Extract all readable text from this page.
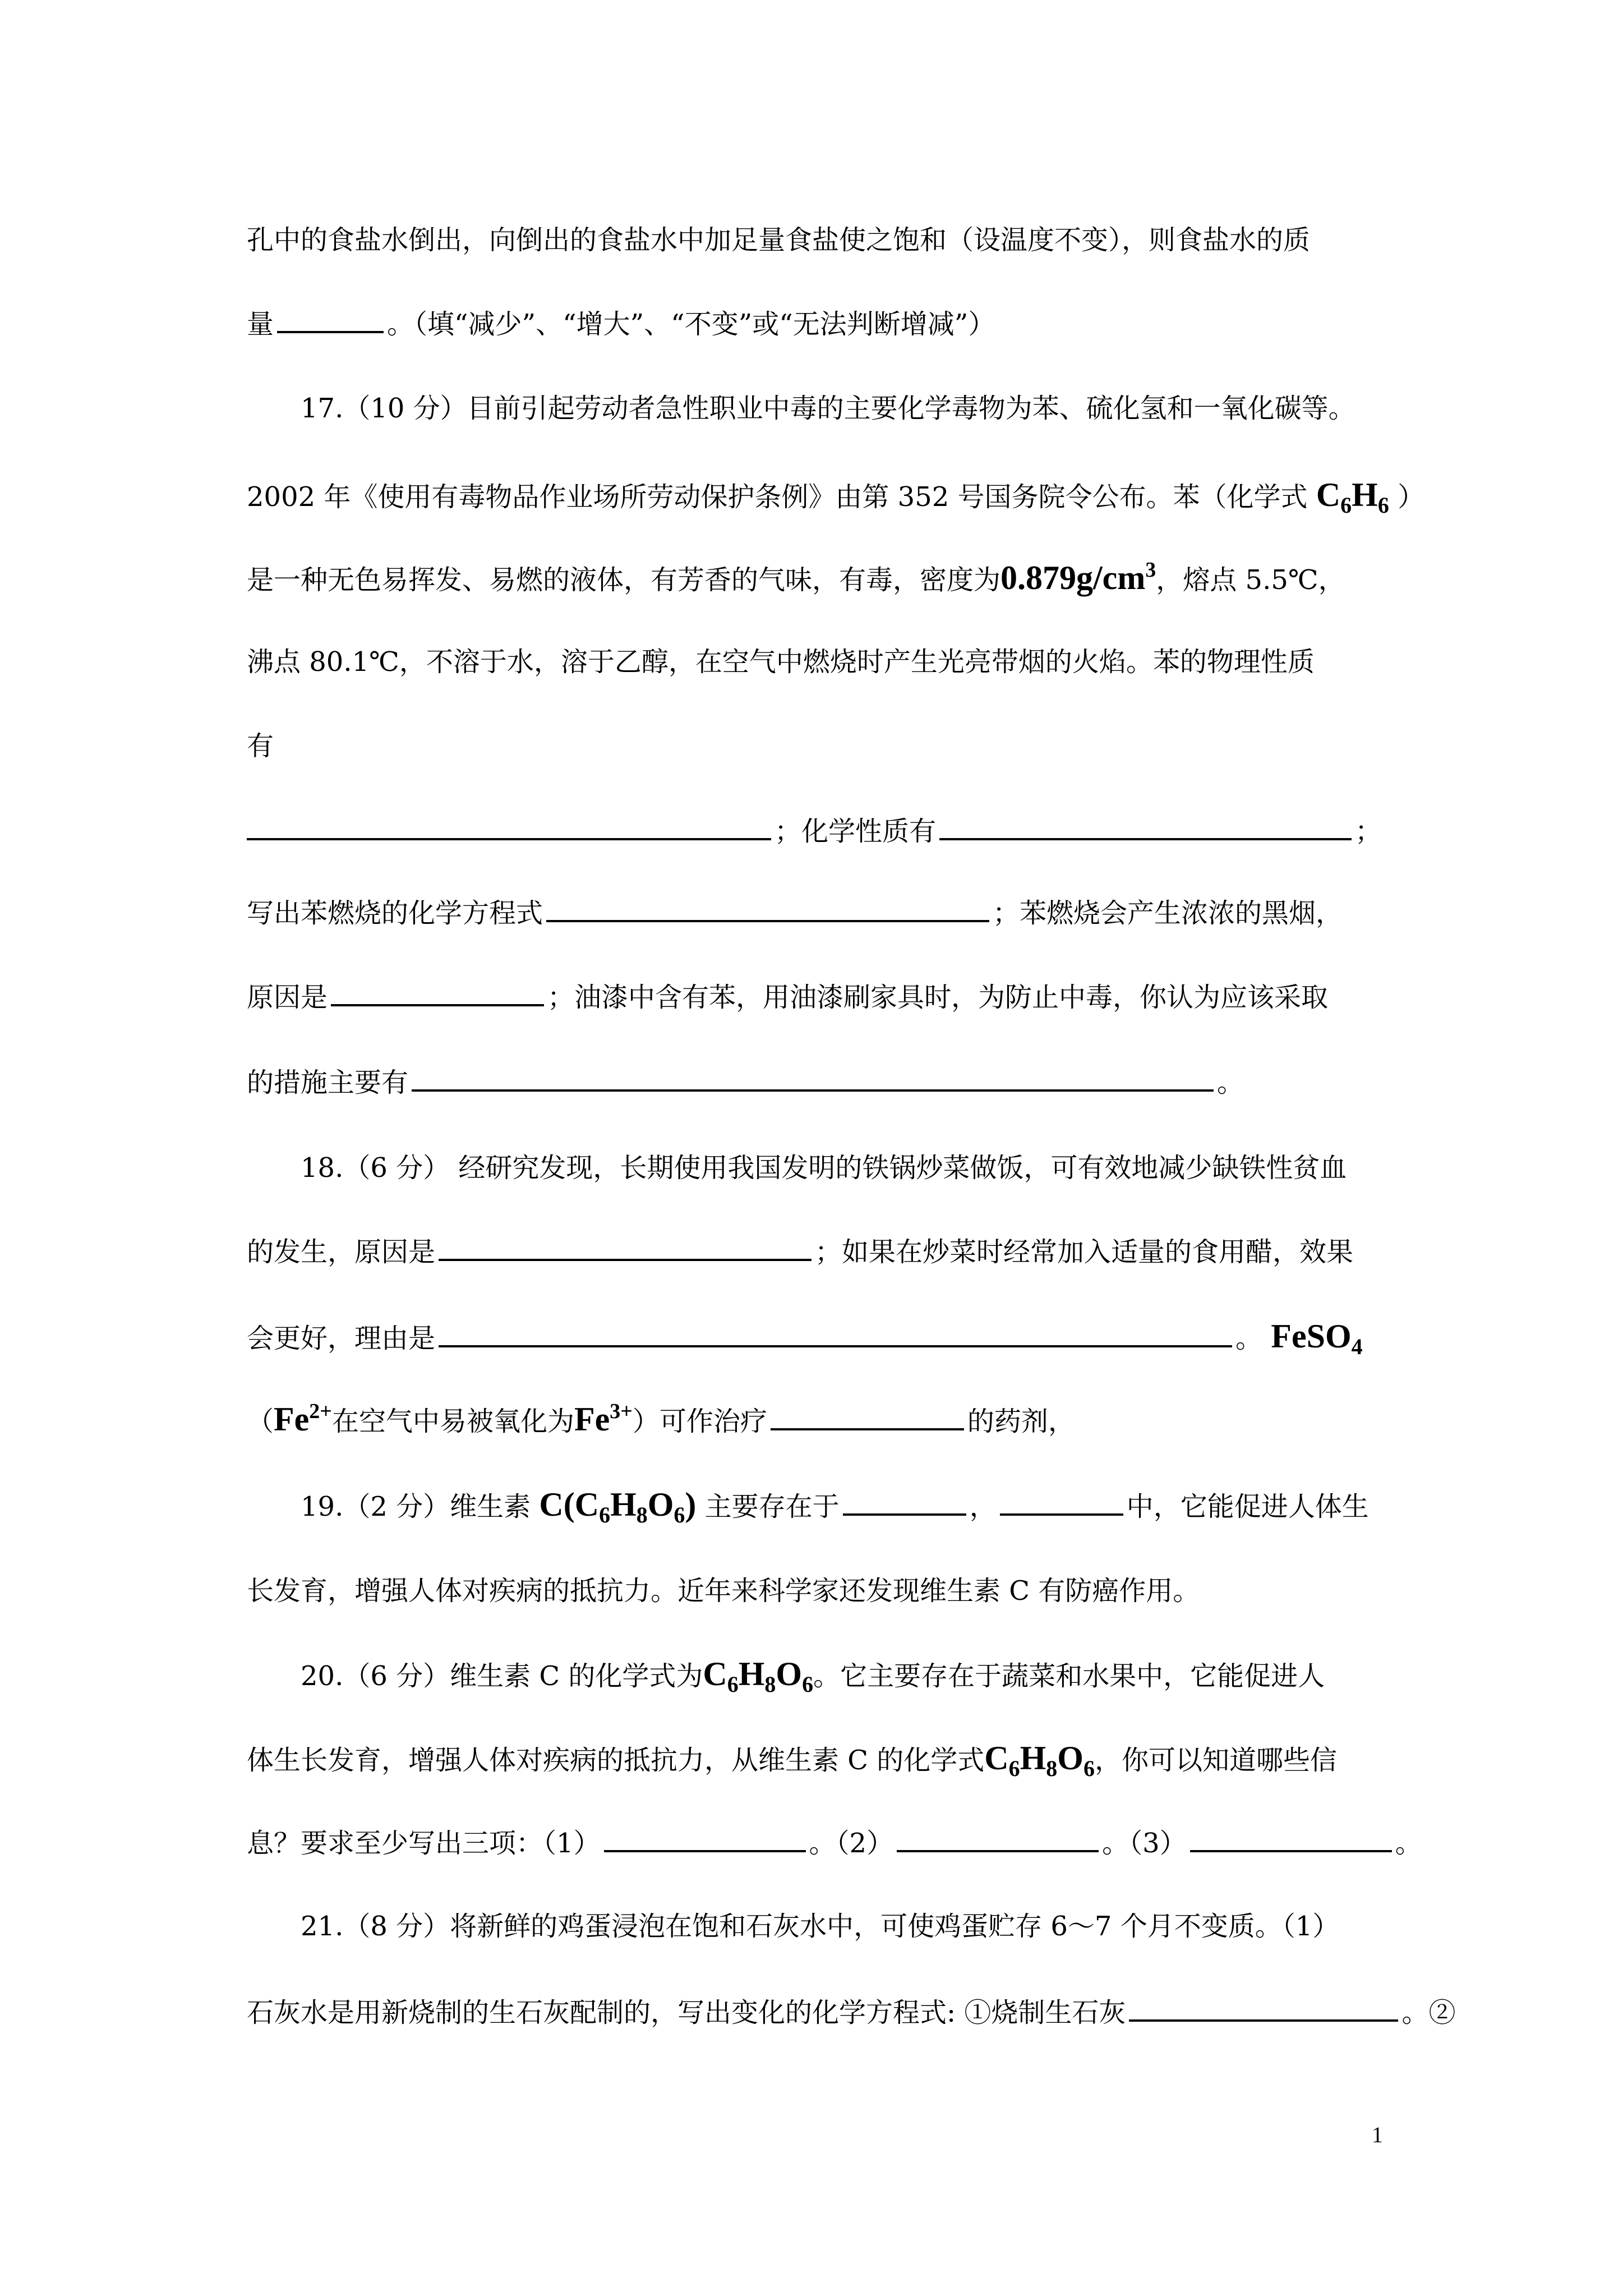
孔中的食盐水倒出，向倒出的食盐水中加足量食盐使之饱和（设温度不变），则食盐水的质
量	。（填“减少”、“增大”、“不变”或“无法判断增减”）
17.（10 分）目前引起劳动者急性职业中毒的主要化学毒物为苯、硫化氢和一氧化碳等。
2002 年《使用有毒物品作业场所劳动保护条例》由第 352 号国务院令公布。苯（化学式 $C_6H_6$ ）
是一种无色易挥发、易燃的液体，有芳香的气味，有毒，密度为$0.879g/cm^3$，熔点 5.5℃，
沸点 80.1℃，不溶于水，溶于乙醇，在空气中燃烧时产生光亮带烟的火焰。苯的物理性质
有
；化学性质有	；
写出苯燃烧的化学方程式	；苯燃烧会产生浓浓的黑烟，
原因是	；油漆中含有苯，用油漆刷家具时，为防止中毒，你认为应该采取
的措施主要有	。
18.（6 分） 经研究发现，长期使用我国发明的铁锅炒菜做饭，可有效地减少缺铁性贫血
的发生，原因是	；如果在炒菜时经常加入适量的食用醋，效果
会更好，理由是	。 FeSO$_4$
（$Fe^{2+}$在空气中易被氧化为$Fe^{3+}$）可作治疗	的药剂，
19.（2 分）维生素 $C(C_6H_8O_6)$ 主要存在于	，	中，它能促进人体生
长发育，增强人体对疾病的抵抗力。近年来科学家还发现维生素 C 有防癌作用。
20.（6 分）维生素 C 的化学式为$C_6H_8O_6$。它主要存在于蔬菜和水果中，它能促进人
体生长发育，增强人体对疾病的抵抗力，从维生素 C 的化学式$C_6H_8O_6$，你可以知道哪些信
息？要求至少写出三项：（1）	。（2）	。（3）	。
21.（8 分）将新鲜的鸡蛋浸泡在饱和石灰水中，可使鸡蛋贮存 6～7 个月不变质。（1）
石灰水是用新烧制的生石灰配制的，写出变化的化学方程式: ①烧制生石灰	。②
1
